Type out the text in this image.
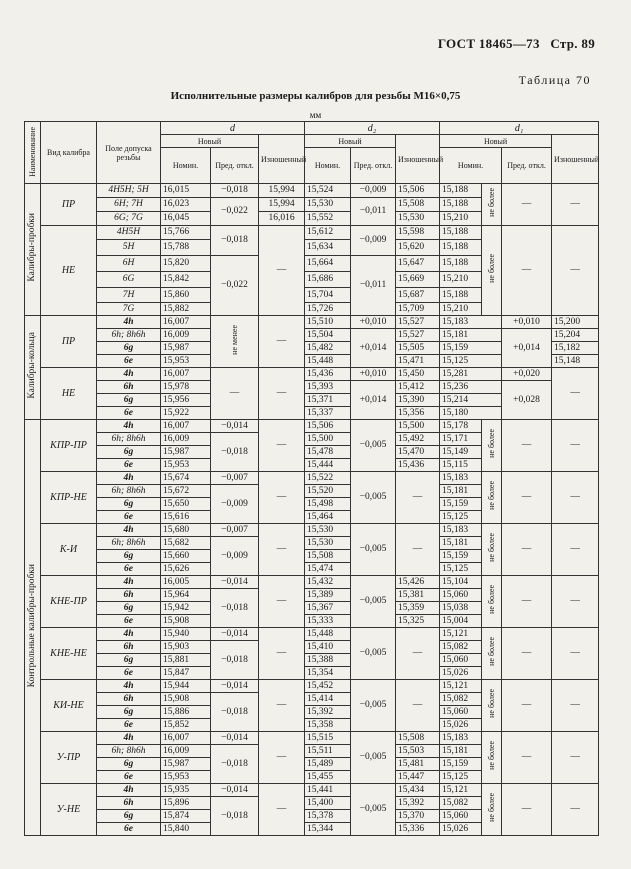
ГОСТ 18465—73 Стр. 89
Таблица 70
Исполнительные размеры калибров для резьбы М16×0,75
мм
Наименование	Вид калибра	Поле допуска резьбы	d			d₂			d₁			
			Новый		Изношенный	Новый		Изношенный	Новый			Изношенный
			Номин.	Пред. откл.		Номин.	Пред. откл.		Номин.		Пред. откл.	
Калибры-пробки	ПР	4H5H; 5H	16,015	−0,018	15,994	15,524	−0,009	15,506	15,188	не более	—	—
		6H; 7H	16,023	−0,022	15,994	15,530	−0,011	15,508	15,188			
		6G; 7G	16,045		16,016	15,552		15,530	15,210			
	НЕ	4H5H	15,766	−0,018	—	15,612	−0,009	15,598	15,188	не более	—	—
		5H	15,788			15,634		15,620	15,188			
		6H	15,820	−0,022		15,664	−0,011	15,647	15,188			
		6G	15,842			15,686		15,669	15,210			
		7H	15,860			15,704		15,687	15,188			
		7G	15,882			15,726		15,709	15,210			
Калибры-кольца	ПР	4h	16,007	не менее	—	15,510	+0,010	15,527	15,183		+0,010	15,200
		6h; 8h6h	16,009			15,504	+0,014	15,527	15,181		+0,014	15,204
		6g	15,987			15,482		15,505	15,159			15,182
		6e	15,953			15,448		15,471	15,125			15,148
	НЕ	4h	16,007	—	—	15,436	+0,010	15,450	15,281		+0,020	—
		6h	15,978			15,393	+0,014	15,412	15,236		+0,028	
		6g	15,956			15,371		15,390	15,214			
		6e	15,922			15,337		15,356	15,180			
Контрольные калибры-пробки	КПР-ПР	4h	16,007	−0,014	—	15,506	−0,005	15,500	15,178	не более	—	—
		6h; 8h6h	16,009	−0,018		15,500		15,492	15,171			
		6g	15,987			15,478		15,470	15,149			
		6e	15,953			15,444		15,436	15,115			
	КПР-НЕ	4h	15,674	−0,007	—	15,522	−0,005	—	15,183	не более	—	—
		6h; 8h6h	15,672	−0,009		15,520			15,181			
		6g	15,650			15,498			15,159			
		6e	15,616			15,464			15,125			
	К-И	4h	15,680	−0,007	—	15,530	−0,005	—	15,183	не более	—	—
		6h; 8h6h	15,682	−0,009		15,530			15,181			
		6g	15,660			15,508			15,159			
		6e	15,626			15,474			15,125			
	КНЕ-ПР	4h	16,005	−0,014	—	15,432	−0,005	15,426	15,104	не более	—	—
		6h	15,964	−0,018		15,389		15,381	15,060			
		6g	15,942			15,367		15,359	15,038			
		6e	15,908			15,333		15,325	15,004			
	КНЕ-НЕ	4h	15,940	−0,014	—	15,448	−0,005	—	15,121	не более	—	—
		6h	15,903	−0,018		15,410			15,082			
		6g	15,881			15,388			15,060			
		6e	15,847			15,354			15,026			
	КИ-НЕ	4h	15,944	−0,014	—	15,452	−0,005	—	15,121	не более	—	—
		6h	15,908	−0,018		15,414			15,082			
		6g	15,886			15,392			15,060			
		6e	15,852			15,358			15,026			
	У-ПР	4h	16,007	−0,014	—	15,515	−0,005	15,508	15,183	не более	—	—
		6h; 8h6h	16,009	−0,018		15,511		15,503	15,181			
		6g	15,987			15,489		15,481	15,159			
		6e	15,953			15,455		15,447	15,125			
	У-НЕ	4h	15,935	−0,014	—	15,441	−0,005	15,434	15,121	не более	—	—
		6h	15,896	−0,018		15,400		15,392	15,082			
		6g	15,874			15,378		15,370	15,060			
		6e	15,840			15,344		15,336	15,026			
